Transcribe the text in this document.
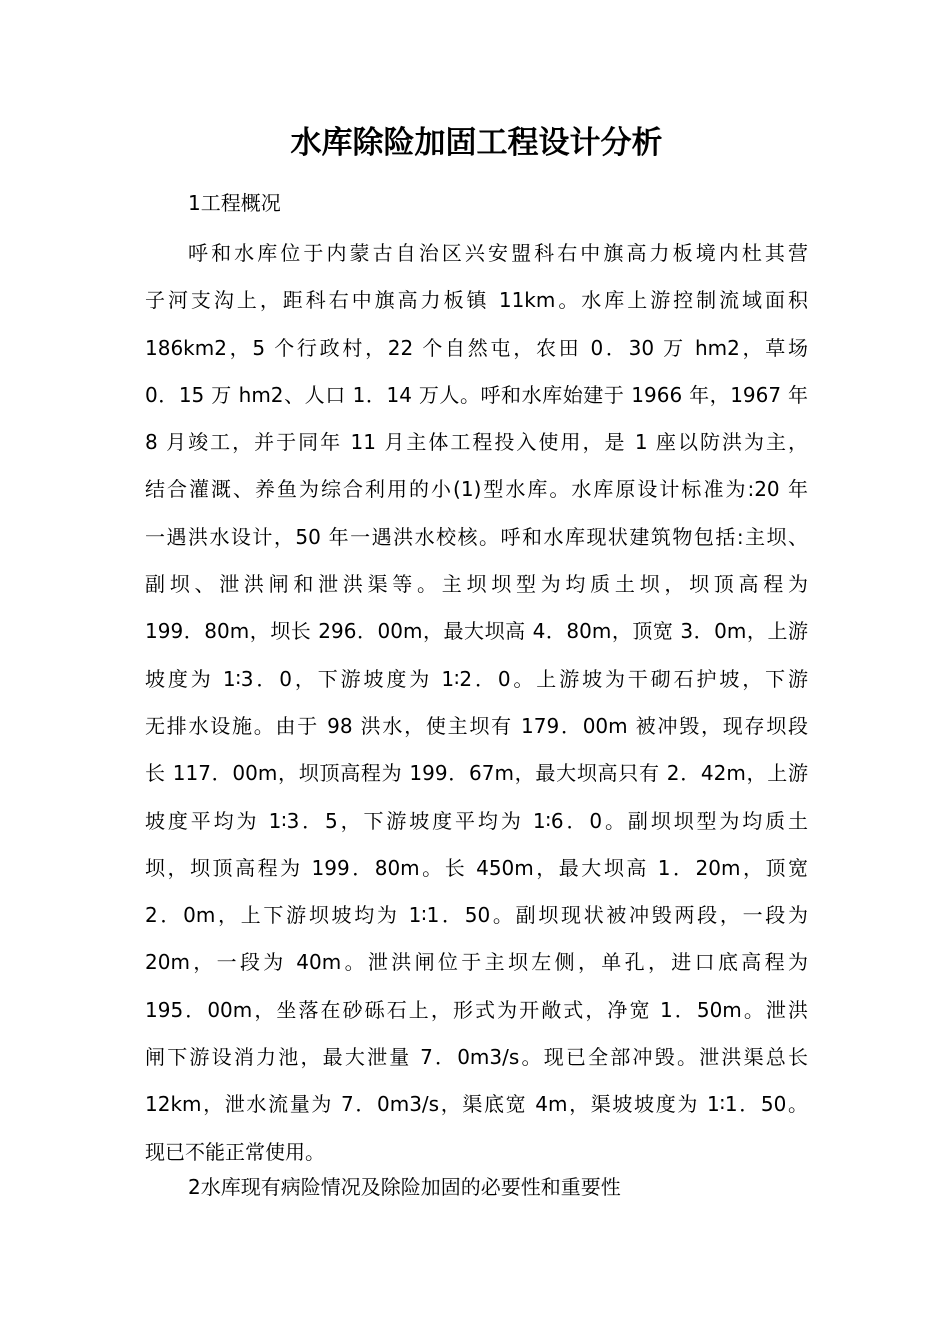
水库除险加固工程设计分析
1工程概况
呼和水库位于内蒙古自治区兴安盟科右中旗高力板境内杜其营
子河支沟上，距科右中旗高力板镇 11km。水库上游控制流域面积
186km2，5 个行政村，22 个自然屯，农田 0．30 万 hm2，草场
0．15 万 hm2、人口 1．14 万人。呼和水库始建于 1966 年，1967 年
8 月竣工，并于同年 11 月主体工程投入使用，是 1 座以防洪为主，
结合灌溉、养鱼为综合利用的小(1)型水库。水库原设计标准为:20 年
一遇洪水设计，50 年一遇洪水校核。呼和水库现状建筑物包括:主坝、
副坝、泄洪闸和泄洪渠等。主坝坝型为均质土坝，坝顶高程为
199．80m，坝长 296．00m，最大坝高 4．80m，顶宽 3．0m，上游
坡度为 1∶3．0，下游坡度为 1∶2．0。上游坡为干砌石护坡，下游
无排水设施。由于 98 洪水，使主坝有 179．00m 被冲毁，现存坝段
长 117．00m，坝顶高程为 199．67m，最大坝高只有 2．42m，上游
坡度平均为 1∶3．5，下游坡度平均为 1∶6．0。副坝坝型为均质土
坝，坝顶高程为 199．80m。长 450m，最大坝高 1．20m，顶宽
2．0m，上下游坝坡均为 1∶1．50。副坝现状被冲毁两段，一段为
20m，一段为 40m。泄洪闸位于主坝左侧，单孔，进口底高程为
195．00m，坐落在砂砾石上，形式为开敞式，净宽 1．50m。泄洪
闸下游设消力池，最大泄量 7．0m3/s。现已全部冲毁。泄洪渠总长
12km，泄水流量为 7．0m3/s，渠底宽 4m，渠坡坡度为 1∶1．50。
现已不能正常使用。
2水库现有病险情况及除险加固的必要性和重要性
